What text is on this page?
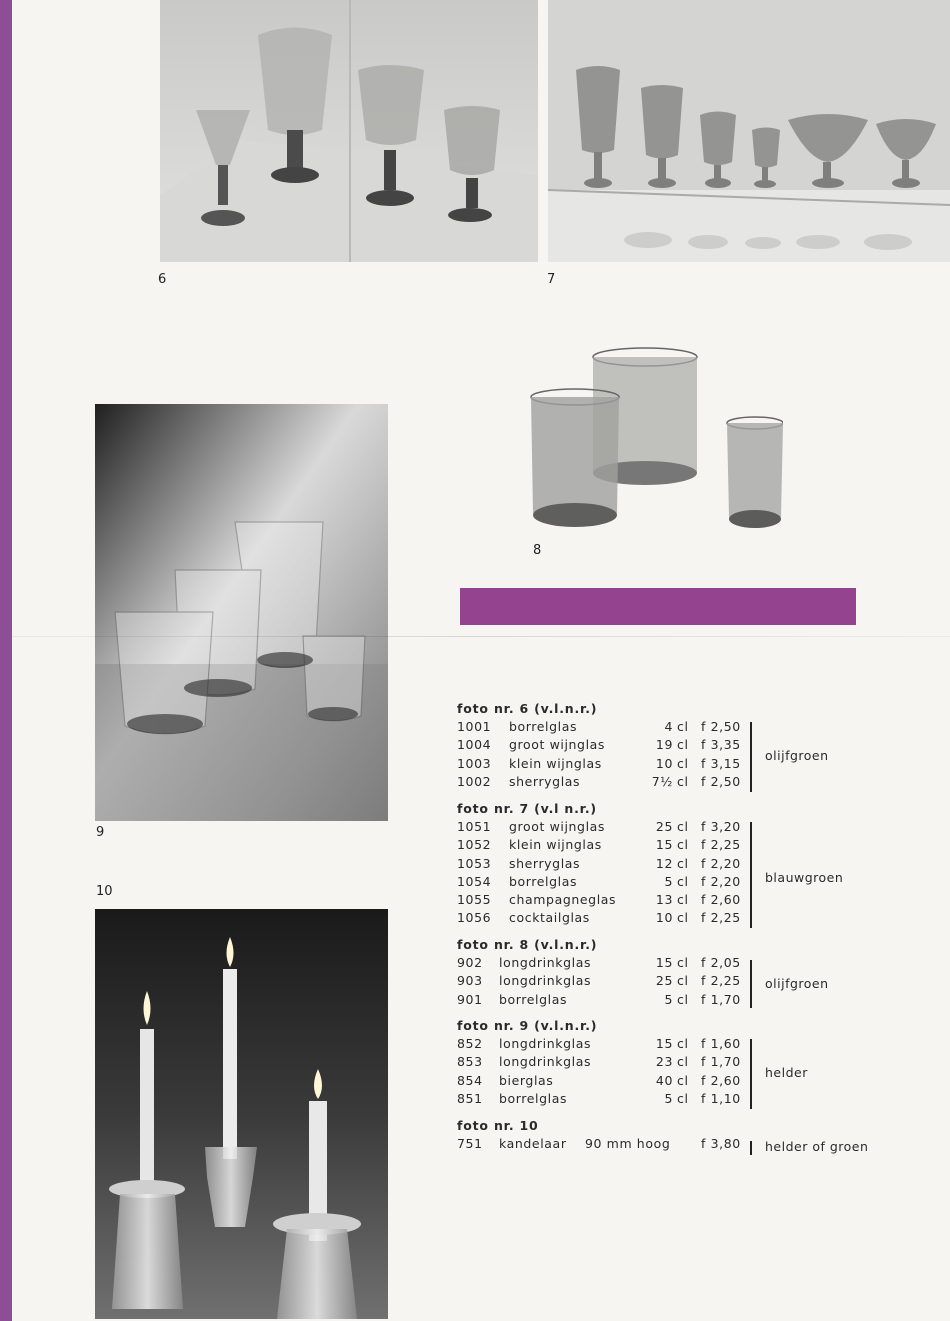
6	7
8
9
10
foto nr. 6 (v.l.n.r.)
1001 borrelglas	4 cl f 2,50
1004 groot wijnglas	19 cl f 3,35
1003 klein wijnglas	10 cl f 3,15
1002 sherryglas	7½ cl f 2,50
olijfgroen
foto nr. 7 (v.l n.r.)
1051 groot wijnglas	25 cl f 3,20
1052 klein wijnglas	15 cl f 2,25
1053 sherryglas	12 cl f 2,20
1054 borrelglas	5 cl f 2,20
1055 champagneglas	13 cl f 2,60
1056 cocktailglas	10 cl f 2,25
blauwgroen
foto nr. 8 (v.l.n.r.)
902 longdrinkglas	15 cl f 2,05
903 longdrinkglas	25 cl f 2,25
901 borrelglas	5 cl f 1,70
olijfgroen
foto nr. 9 (v.l.n.r.)
852 longdrinkglas	15 cl f 1,60
853 longdrinkglas	23 cl f 1,70
854 bierglas	40 cl f 2,60
851 borrelglas	5 cl f 1,10
helder
foto nr. 10
751 kandelaar 90 mm hoog f 3,80 helder of groen
